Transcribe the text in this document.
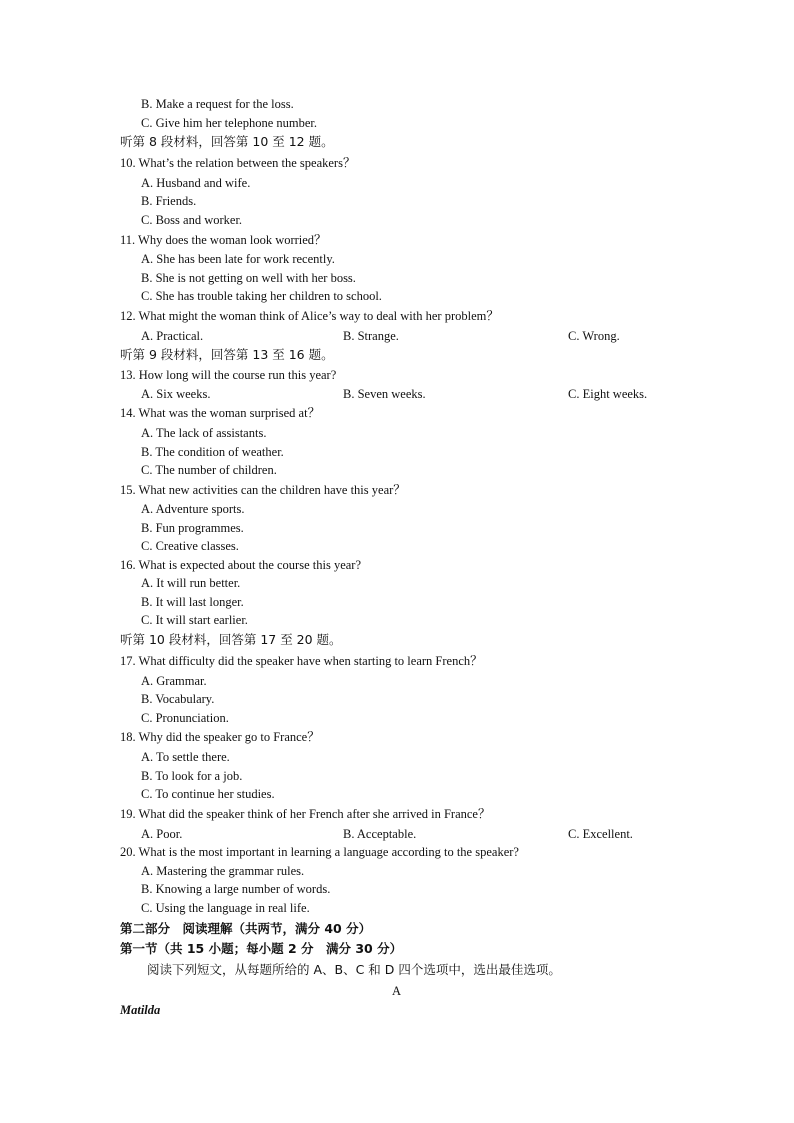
B. Make a request for the loss.
C. Give him her telephone number.
听第 8 段材料，回答第 10 至 12 题。
10. What’s the relation between the speakers？
A. Husband and wife.
B. Friends.
C. Boss and worker.
11. Why does the woman look worried？
A. She has been late for work recently.
B. She is not getting on well with her boss.
C. She has trouble taking her children to school.
12. What might the woman think of Alice’s way to deal with her problem？
A. Practical.	B. Strange.	C. Wrong.
听第 9 段材料，回答第 13 至 16 题。
13. How long will the course run this year?
A. Six weeks.	B. Seven weeks.	C. Eight weeks.
14. What was the woman surprised at？
A. The lack of assistants.
B. The condition of weather.
C. The number of children.
15. What new activities can the children have this year？
A. Adventure sports.
B. Fun programmes.
C. Creative classes.
16. What is expected about the course this year?
A. It will run better.
B. It will last longer.
C. It will start earlier.
听第 10 段材料，回答第 17 至 20 题。
17. What difficulty did the speaker have when starting to learn French？
A. Grammar.
B. Vocabulary.
C. Pronunciation.
18. Why did the speaker go to France？
A. To settle there.
B. To look for a job.
C. To continue her studies.
19. What did the speaker think of her French after she arrived in France？
A. Poor.	B. Acceptable.	C. Excellent.
20. What is the most important in learning a language according to the speaker?
A. Mastering the grammar rules.
B. Knowing a large number of words.
C. Using the language in real life.
第二部分　阅读理解（共两节，满分 40 分）
第一节（共 15 小题；每小题 2 分　满分 30 分）
阅读下列短文，从每题所给的 A、B、C 和 D 四个选项中，选出最佳选项。
A
Matilda
